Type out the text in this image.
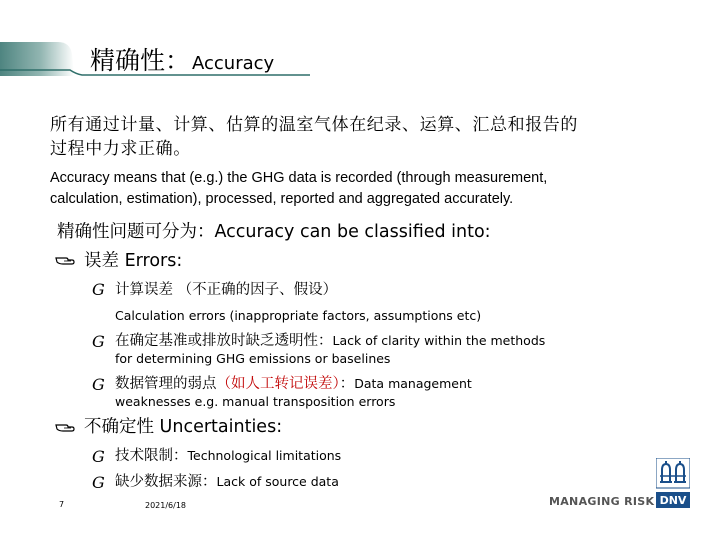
精确性： Accuracy
所有通过计量、计算、估算的温室气体在纪录、运算、汇总和报告的
过程中力求正确。
Accuracy means that (e.g.) the GHG data is recorded (through measurement,
calculation, estimation), processed, reported and aggregated accurately.
精确性问题可分为：Accuracy can be classified into:
误差 Errors:
G 计算误差 （不正确的因子、假设）
Calculation errors (inappropriate factors, assumptions etc)
G 在确定基准或排放时缺乏透明性：Lack of clarity within the methods
for determining GHG emissions or baselines
G 数据管理的弱点（如人工转记误差）：Data management
weaknesses e.g. manual transposition errors
不确定性 Uncertainties:
G 技术限制：Technological limitations
G 缺少数据来源：Lack of source data
7	2021/6/18	MANAGING RISK DNV
